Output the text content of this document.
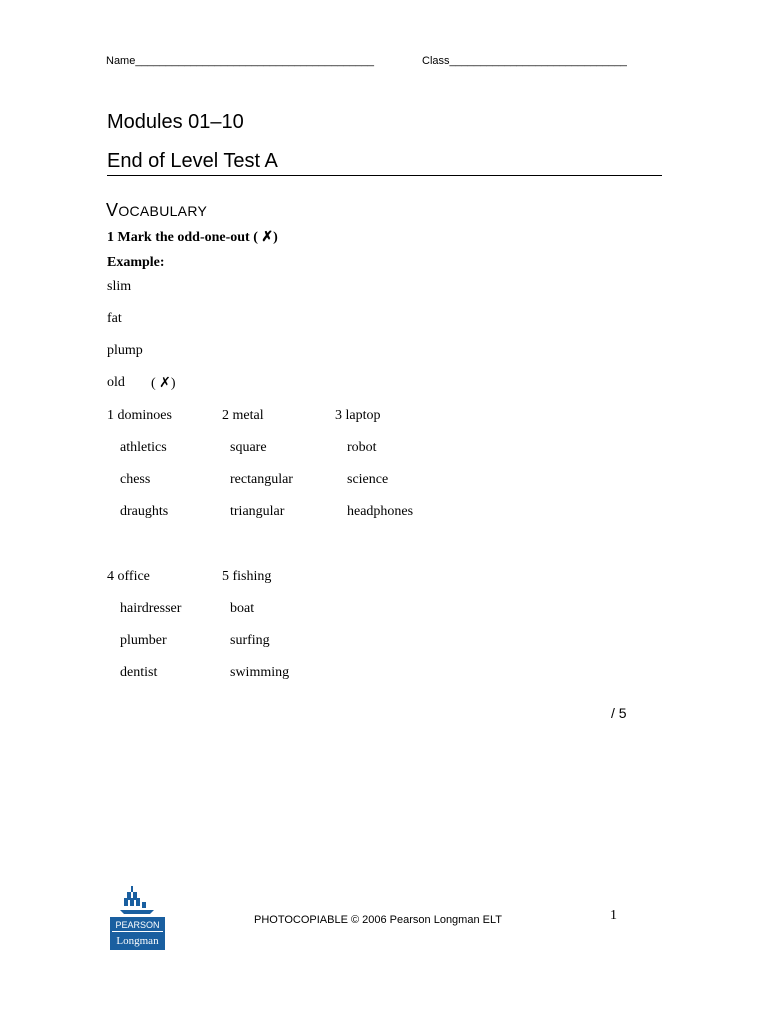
Name_______________________________________	Class_____________________________
Modules 01–10
End of Level Test A
VOCABULARY
1 Mark the odd-one-out ( ✗)
Example:
slim
fat
plump
old ( ✗)
1 dominoes
athletics
chess
draughts
2 metal
square
rectangular
triangular
3 laptop
robot
science
headphones
4 office
hairdresser
plumber
dentist
5 fishing
boat
surfing
swimming
/ 5
PEARSON
Longman
PHOTOCOPIABLE © 2006 Pearson Longman ELT	1
